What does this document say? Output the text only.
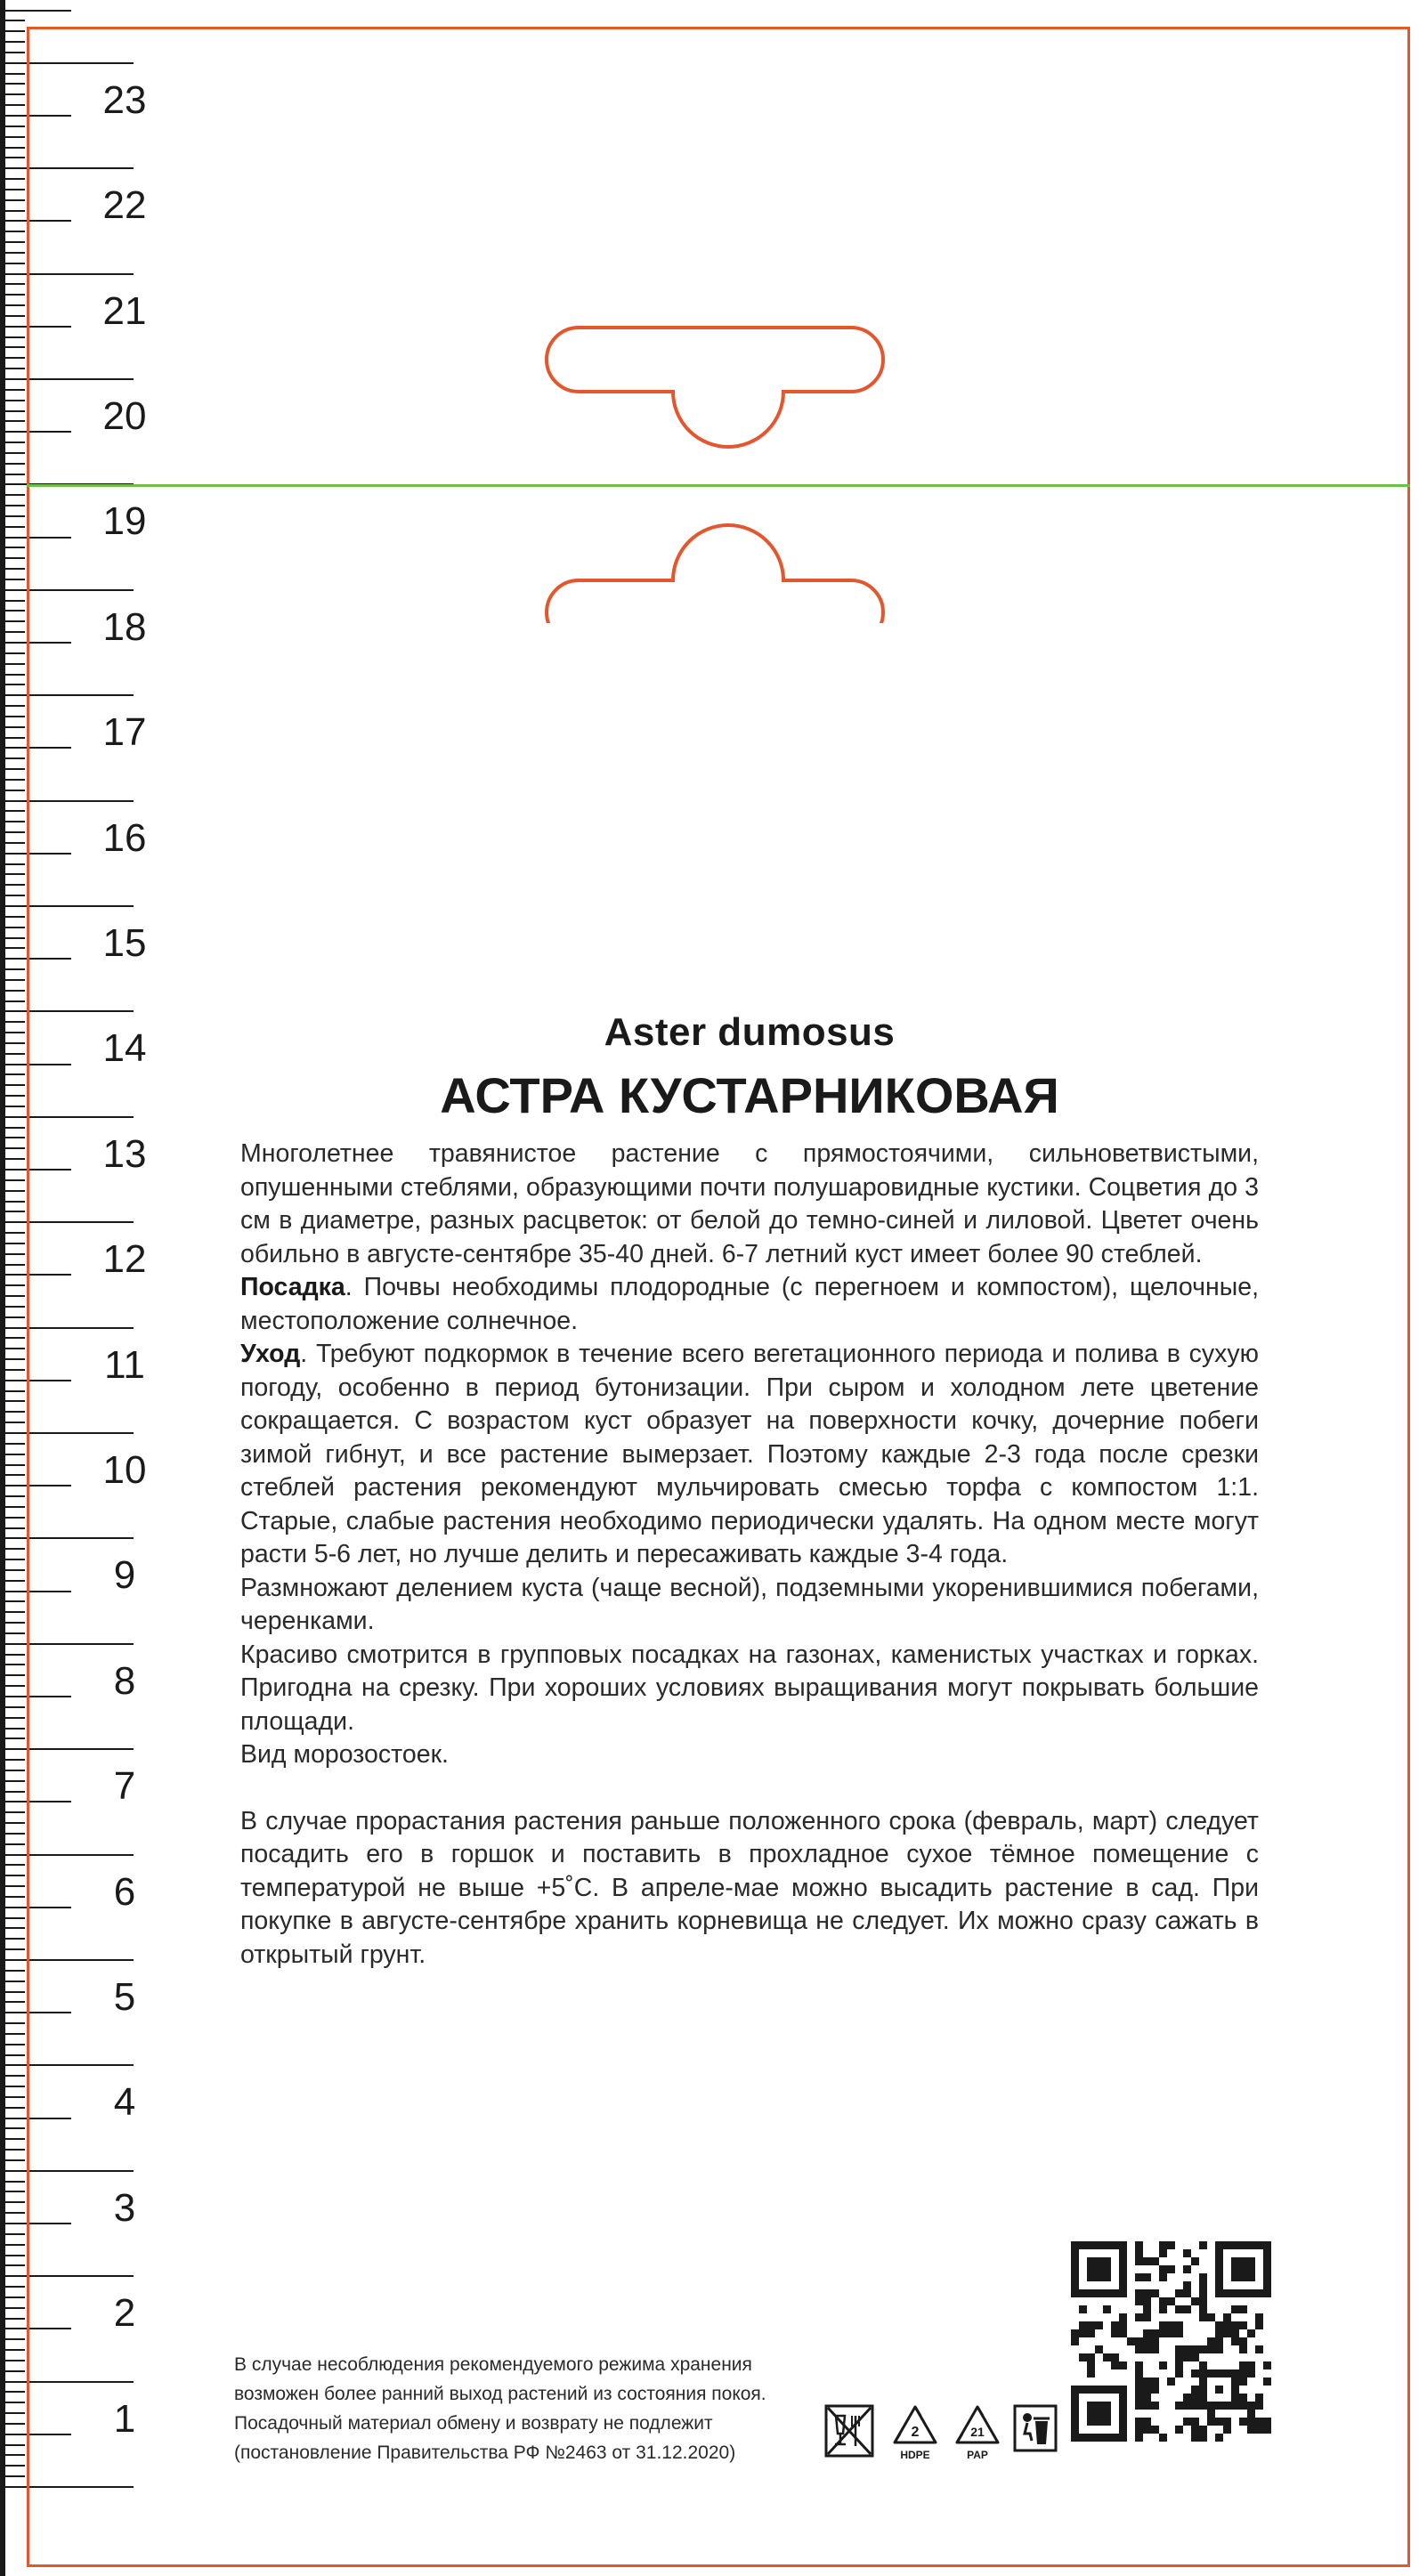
23
22
21
20
19
18
17
16
15
14
13
12
11
10
9
8
7
6
5
4
3
2
1
Aster dumosus
АСТРА КУСТАРНИКОВАЯ

Многолетнее травянистое растение с прямостоячими, сильноветвистыми, опушенными стеблями, образующими почти полушаровидные кустики. Соцветия до 3 см в диаметре, разных расцветок: от белой до темно-синей и лиловой. Цветет очень обильно в августе-сентябре 35-40 дней. 6-7 летний куст имеет более 90 стеблей.

Посадка. Почвы необходимы плодородные (с перегноем и компостом), щелочные, местоположение солнечное.

Уход. Требуют подкормок в течение всего вегетационного периода и полива в сухую погоду, особенно в период бутонизации. При сыром и холодном лете цветение сокращается. С возрастом куст образует на поверхности кочку, дочерние побеги зимой гибнут, и все растение вымерзает. Поэтому каждые 2-3 года после срезки стеблей растения рекомендуют мульчировать смесью торфа с компостом 1:1. Старые, слабые растения необходимо периодически удалять. На одном месте могут расти 5-6 лет, но лучше делить и пересаживать каждые 3-4 года.

Размножают делением куста (чаще весной), подземными укоренившимися побегами, черенками.

Красиво смотрится в групповых посадках на газонах, каменистых участках и горках. Пригодна на срезку. При хороших условиях выращивания могут покрывать большие площади.

Вид морозостоек.

В случае прорастания растения раньше положенного срока (февраль, март) следует посадить его в горшок и поставить в прохладное сухое тёмное помещение с температурой не выше +5˚С. В апреле-мае можно высадить растение в сад. При покупке в августе-сентябре хранить корневища не следует. Их можно сразу сажать в открытый грунт.

В случае несоблюдения рекомендуемого режима хранения
возможен более ранний выход растений из состояния покоя.
Посадочный материал обмену и возврату не подлежит
(постановление Правительства РФ №2463 от 31.12.2020)
2
HDPE
21
PAP
